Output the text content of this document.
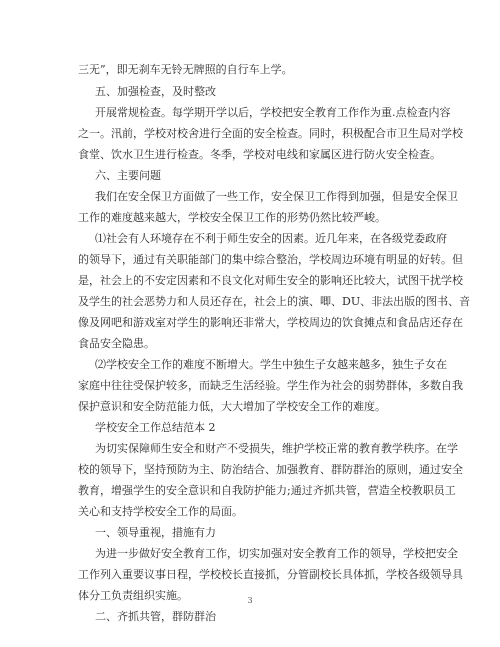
三无”，即无刹车无铃无牌照的自行车上学。
五、加强检查，及时整改
开展常规检查。每学期开学以后，学校把安全教育工作作为重.点检查内容
之一。汛前，学校对校舍进行全面的安全检查。同时，积极配合市卫生局对学校
食堂、饮水卫生进行检查。冬季，学校对电线和家属区进行防火安全检查。
六、主要问题
我们在安全保卫方面做了一些工作，安全保卫工作得到加强，但是安全保卫
工作的难度越来越大，学校安全保卫工作的形势仍然比较严峻。
⑴社会有人环境存在不利于师生安全的因素。近几年来，在各级党委政府
的领导下，通过有关职能部门的集中综合整治，学校周边环境有明显的好转。但
是，社会上的不安定因素和不良文化对师生安全的影响还比较大，试图干扰学校
及学生的社会恶势力和人员还存在，社会上的演、唧、DU、非法出版的图书、音
像及网吧和游戏室对学生的影响还非常大，学校周边的饮食摊点和食品店还存在
食品安全隐患。
⑵学校安全工作的难度不断增大。学生中独生子女越来越多，独生子女在
家庭中往往受保护较多，而缺乏生活经验。学生作为社会的弱势群体，多数自我
保护意识和安全防范能力低，大大增加了学校安全工作的难度。
学校安全工作总结范本 2
为切实保障师生安全和财产不受损失，维护学校正常的教育教学秩序。在学
校的领导下，坚持预防为主、防治结合、加强教育、群防群治的原则，通过安全
教育，增强学生的安全意识和自我防护能力;通过齐抓共管，营造全校教职员工
关心和支持学校安全工作的局面。
一、领导重视，措施有力
为进一步做好安全教育工作，切实加强对安全教育工作的领导，学校把安全
工作列入重要议事日程，学校校长直接抓，分管副校长具体抓，学校各级领导具
体分工负责组织实施。
二、齐抓共管，群防群治
3
